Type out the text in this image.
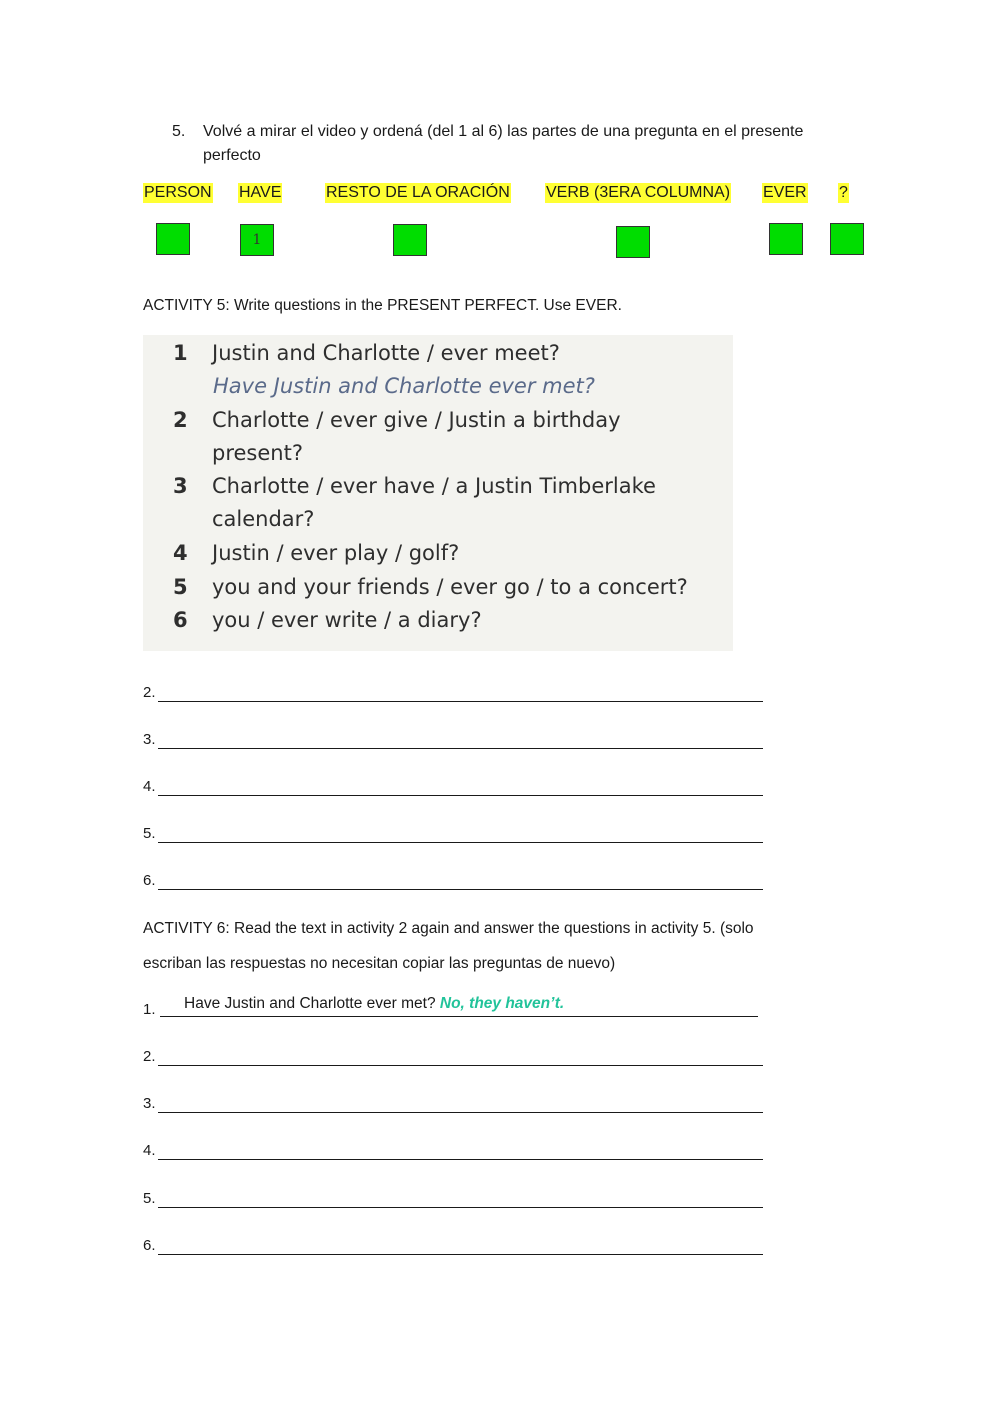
5. Volvé a mirar el video y ordená (del 1 al 6) las partes de una pregunta en el presente perfecto
PERSON HAVE	RESTO DE LA ORACIÓN VERB (3ERA COLUMNA) EVER ?
1
ACTIVITY 5: Write questions in the PRESENT PERFECT. Use EVER.
1 Justin and Charlotte / ever meet?
Have Justin and Charlotte ever met?
2 Charlotte / ever give / Justin a birthday
present?
3 Charlotte / ever have / a Justin Timberlake
calendar?
4 Justin / ever play / golf?
5 you and your friends / ever go / to a concert?
6 you / ever write / a diary?
2.
3.
4.
5.
6.
ACTIVITY 6: Read the text in activity 2 again and answer the questions in activity 5. (solo
escriban las respuestas no necesitan copiar las preguntas de nuevo)
1. Have Justin and Charlotte ever met? No, they haven’t.
2.
3.
4.
5.
6.
